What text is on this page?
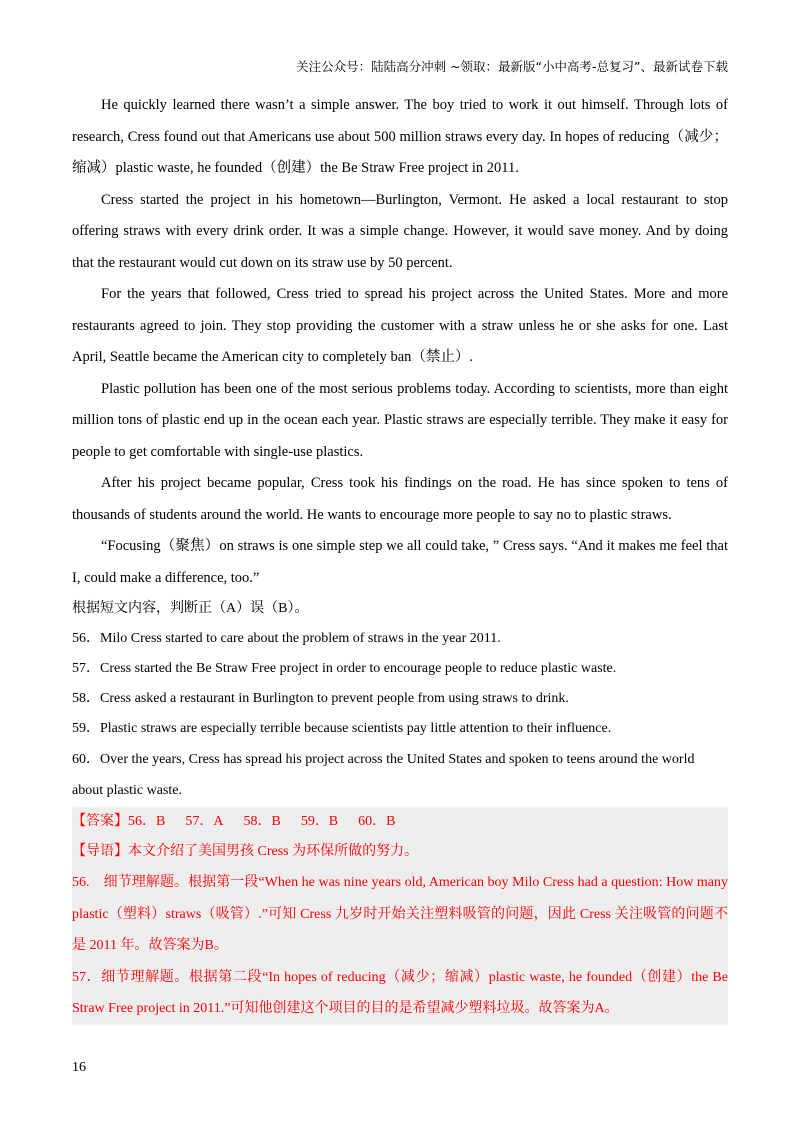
关注公众号：陆陆高分冲刺 ~领取：最新版“小中高考-总复习”、最新试卷下载

He quickly learned there wasn’t a simple answer. The boy tried to work it out himself. Through lots of research, Cress found out that Americans use about 500 million straws every day. In hopes of reducing（减少；缩减）plastic waste, he founded（创建）the Be Straw Free project in 2011.

Cress started the project in his hometown—Burlington, Vermont. He asked a local restaurant to stop offering straws with every drink order. It was a simple change. However, it would save money. And by doing that the restaurant would cut down on its straw use by 50 percent.

For the years that followed, Cress tried to spread his project across the United States. More and more restaurants agreed to join. They stop providing the customer with a straw unless he or she asks for one. Last April, Seattle became the American city to completely ban（禁止）.

Plastic pollution has been one of the most serious problems today. According to scientists, more than eight million tons of plastic end up in the ocean each year. Plastic straws are especially terrible. They make it easy for people to get comfortable with single-use plastics.

After his project became popular, Cress took his findings on the road. He has since spoken to tens of thousands of students around the world. He wants to encourage more people to say no to plastic straws.

“Focusing（聚焦）on straws is one simple step we all could take, ” Cress says. “And it makes me feel that I, could make a difference, too.”

根据短文内容，判断正（A）误（B）。
56．Milo Cress started to care about the problem of straws in the year 2011.
57．Cress started the Be Straw Free project in order to encourage people to reduce plastic waste.
58．Cress asked a restaurant in Burlington to prevent people from using straws to drink.
59．Plastic straws are especially terrible because scientists pay little attention to their influence.
60．Over the years, Cress has spread his project across the United States and spoken to teens around the world about plastic waste.
【答案】56．B 57．A 58．B 59．B 60．B
【导语】本文介绍了美国男孩 Cress 为环保所做的努力。
56.　细节理解题。根据第一段“When he was nine years old, American boy Milo Cress had a question: How many plastic（塑料）straws（吸管）.”可知 Cress 九岁时开始关注塑料吸管的问题，因此 Cress 关注吸管的问题不是 2011 年。故答案为B。
57．细节理解题。根据第二段“In hopes of reducing（减少；缩减）plastic waste, he founded（创建）the Be Straw Free project in 2011.”可知他创建这个项目的目的是希望减少塑料垃圾。故答案为A。
16
